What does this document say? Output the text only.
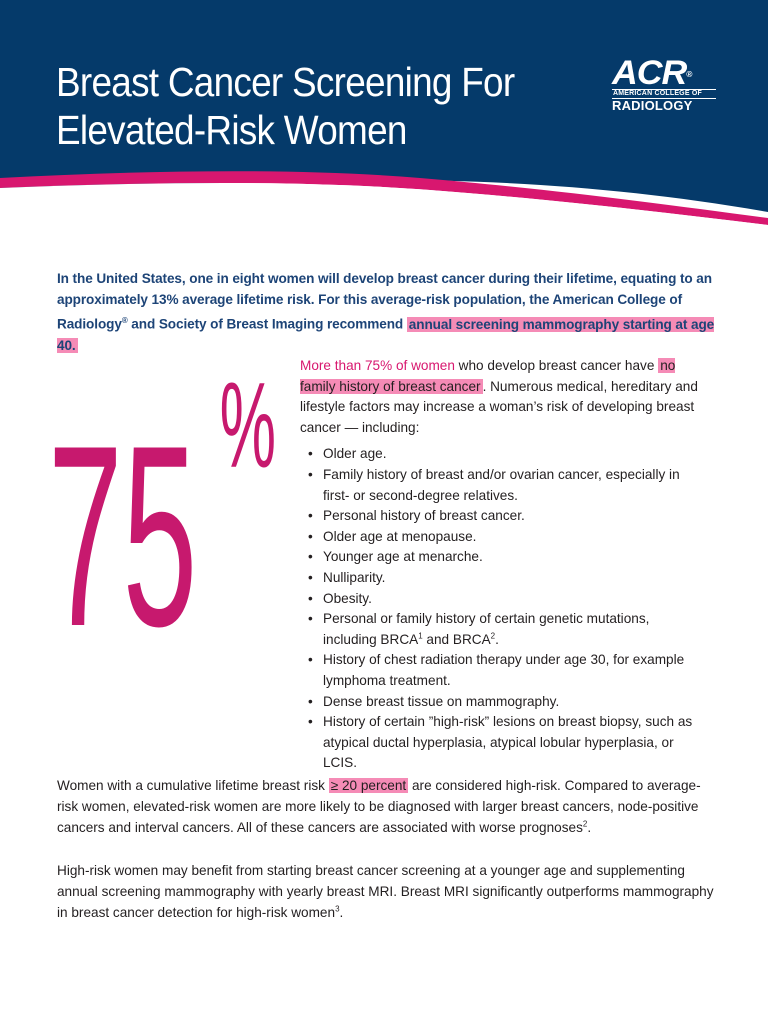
Breast Cancer Screening For
Elevated-Risk Women
ACR®
AMERICAN COLLEGE OF
RADIOLOGY

In the United States, one in eight women will develop breast cancer during their lifetime, equating to an approximately 13% average lifetime risk. For this average-risk population, the American College of Radiology® and Society of Breast Imaging recommend annual screening mammography starting at age 40.

75 % More than 75% of women who develop breast cancer have no family history of breast cancer . Numerous medical, hereditary and lifestyle factors may increase a woman’s risk of developing breast cancer — including:

• Older age.
• Family history of breast and/or ovarian cancer, especially in first- or second-degree relatives.
• Personal history of breast cancer.
• Older age at menopause.
• Younger age at menarche.
• Nulliparity.
• Obesity.
• Personal or family history of certain genetic mutations, including BRCA$^1$ and BRCA$^2$.
• History of chest radiation therapy under age 30, for example lymphoma treatment.
• Dense breast tissue on mammography.
• History of certain ”high-risk” lesions on breast biopsy, such as atypical ductal hyperplasia, atypical lobular hyperplasia, or LCIS.

Women with a cumulative lifetime breast risk ≥ 20 percent are considered high-risk. Compared to average-risk women, elevated-risk women are more likely to be diagnosed with larger breast cancers, node-positive cancers and interval cancers. All of these cancers are associated with worse prognoses$^2$.

High-risk women may benefit from starting breast cancer screening at a younger age and supplementing annual screening mammography with yearly breast MRI. Breast MRI significantly outperforms mammography in breast cancer detection for high-risk women$^3$.
